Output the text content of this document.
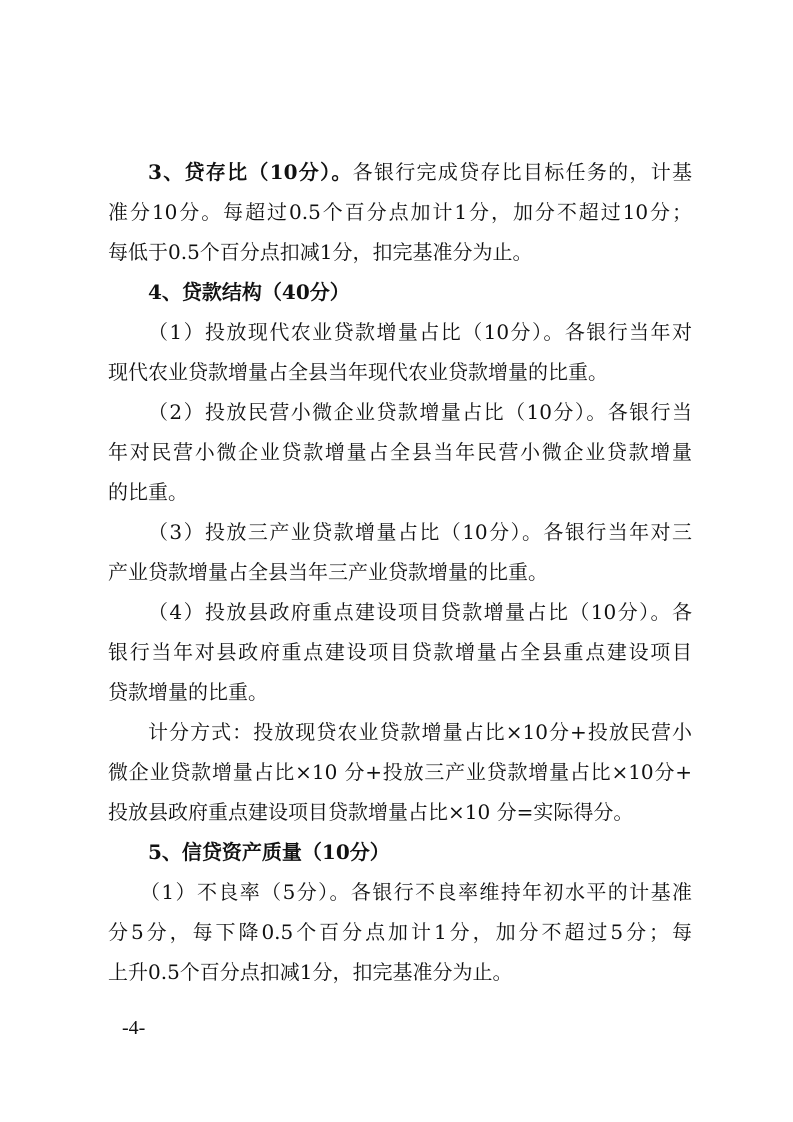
3、贷存比（10分）。各银行完成贷存比目标任务的，计基
准分10分。每超过0.5个百分点加计1分，加分不超过10分；
每低于0.5个百分点扣减1分，扣完基准分为止。
4、贷款结构（40分）
（1）投放现代农业贷款增量占比（10分）。各银行当年对
现代农业贷款增量占全县当年现代农业贷款增量的比重。
（2）投放民营小微企业贷款增量占比（10分）。各银行当
年对民营小微企业贷款增量占全县当年民营小微企业贷款增量
的比重。
（3）投放三产业贷款增量占比（10分）。各银行当年对三
产业贷款增量占全县当年三产业贷款增量的比重。
（4）投放县政府重点建设项目贷款增量占比（10分）。各
银行当年对县政府重点建设项目贷款增量占全县重点建设项目
贷款增量的比重。
计分方式：投放现贷农业贷款增量占比×10分+投放民营小
微企业贷款增量占比×10 分+投放三产业贷款增量占比×10分+
投放县政府重点建设项目贷款增量占比×10 分=实际得分。
5、信贷资产质量（10分）
（1）不良率（5分）。各银行不良率维持年初水平的计基准
分5分，每下降0.5个百分点加计1分，加分不超过5分；每
上升0.5个百分点扣减1分，扣完基准分为止。
-4-
